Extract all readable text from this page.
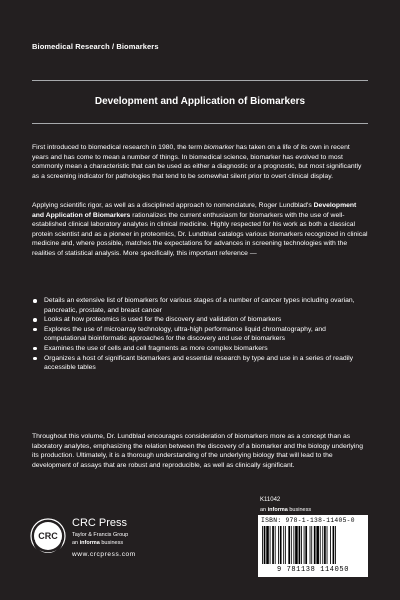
Biomedical Research / Biomarkers
Development and Application of Biomarkers

First introduced to biomedical research in 1980, the term biomarker has taken on a life of its own in recent years and has come to mean a number of things. In biomedical science, biomarker has evolved to most commonly mean a characteristic that can be used as either a diagnostic or a prognostic, but most significantly as a screening indicator for pathologies that tend to be somewhat silent prior to overt clinical display.

Applying scientific rigor, as well as a disciplined approach to nomenclature, Roger Lundblad's Development and Application of Biomarkers rationalizes the current enthusiasm for biomarkers with the use of well-established clinical laboratory analytes in clinical medicine. Highly respected for his work as both a classical protein scientist and as a pioneer in proteomics, Dr. Lundblad catalogs various biomarkers recognized in clinical medicine and, where possible, matches the expectations for advances in screening technologies with the realities of statistical analysis. More specifically, this important reference —

Details an extensive list of biomarkers for various stages of a number of cancer types including ovarian, pancreatic, prostate, and breast cancer
Looks at how proteomics is used for the discovery and validation of biomarkers
Explores the use of microarray technology, ultra-high performance liquid chromatography, and computational bioinformatic approaches for the discovery and use of biomarkers
Examines the use of cells and cell fragments as more complex biomarkers
Organizes a host of significant biomarkers and essential research by type and use in a series of readily accessible tables
Throughout this volume, Dr. Lundblad encourages consideration of biomarkers more as a concept than as laboratory analytes, emphasizing the relation between the discovery of a biomarker and the biology underlying its production. Ultimately, it is a thorough understanding of the underlying biology that will lead to the development of assays that are robust and reproducible, as well as clinically significant.
CRC
CRC Press
Taylor & Francis Group
an informa business
www.crcpress.com
K11042
an informa business
ISBN: 978-1-138-11405-0
9 781138 114050
